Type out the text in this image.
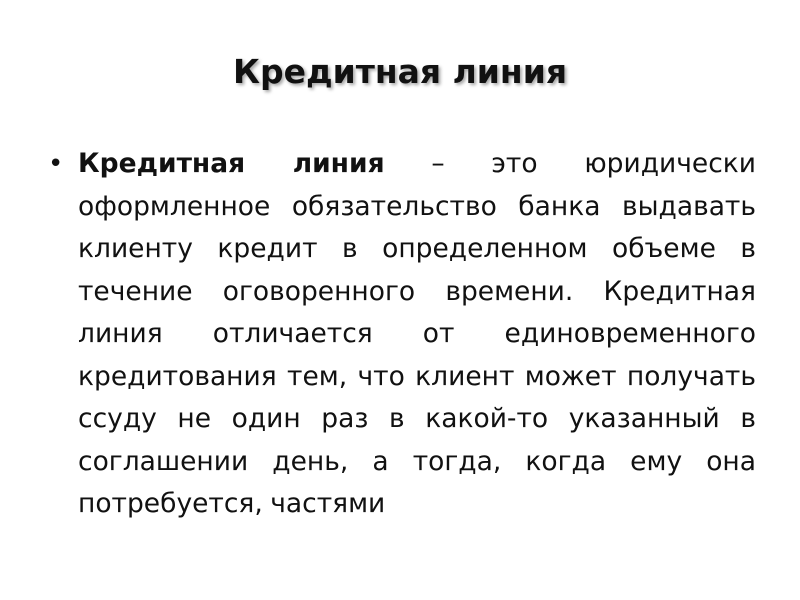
Кредитная линия
• Кредитная линия – это юридически оформленное обязательство банка выдавать клиенту кредит в определенном объеме в течение оговоренного времени. Кредитная линия отличается от единовременного кредитования тем, что клиент может получать ссуду не один раз в какой-то указанный в соглашении день, а тогда, когда ему она потребуется, частями
